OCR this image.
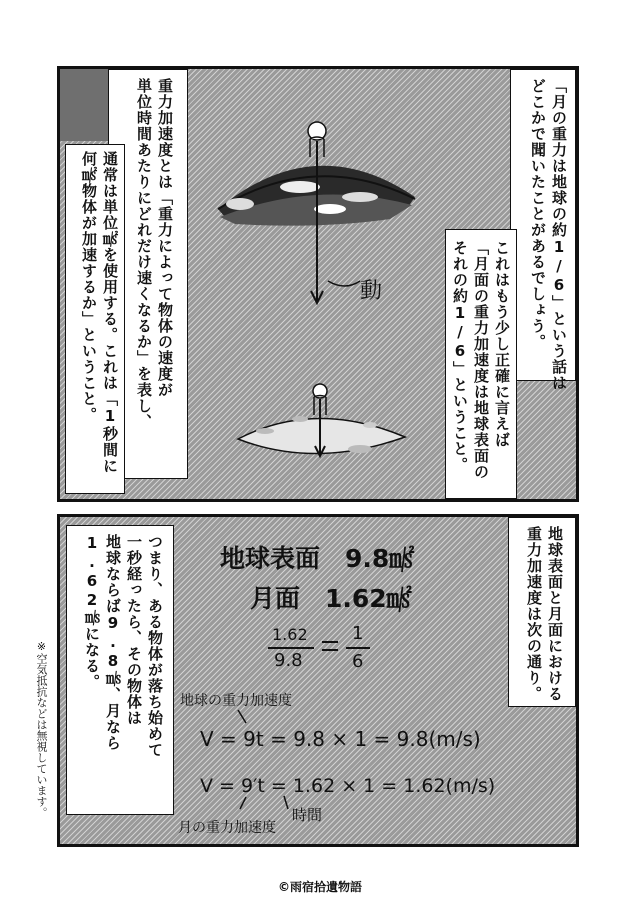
動	「月の重力は地球の約1/6」という話は
どこかで聞いたことがあるでしょう。

これはもう少し正確に言えば
「月面の重力加速度は地球表面の
それの約1/6」ということ。

重力加速度とは「重力によって物体の速度が
単位時間あたりにどれだけ速くなるか」を表し、

通常は単位㎨を使用する。これは「1秒間に
何㎨物体が加速するか」ということ。

地球表面と月面における
重力加速度は次の通り。

つまり、ある物体が落ち始めて
一秒経ったら、その物体は
地球ならば9.8㎧、月なら
1.62㎧になる。	地球表面　9.8㎨
月面　1.62㎨
1.62
9.8
1
6
地球の重力加速度
V = 9t = 9.8 × 1 = 9.8(m/s)
V = 9′t = 1.62 × 1 = 1.62(m/s)
時間
月の重力加速度

※空気抵抗などは無視しています。

©雨宿拾遺物語
